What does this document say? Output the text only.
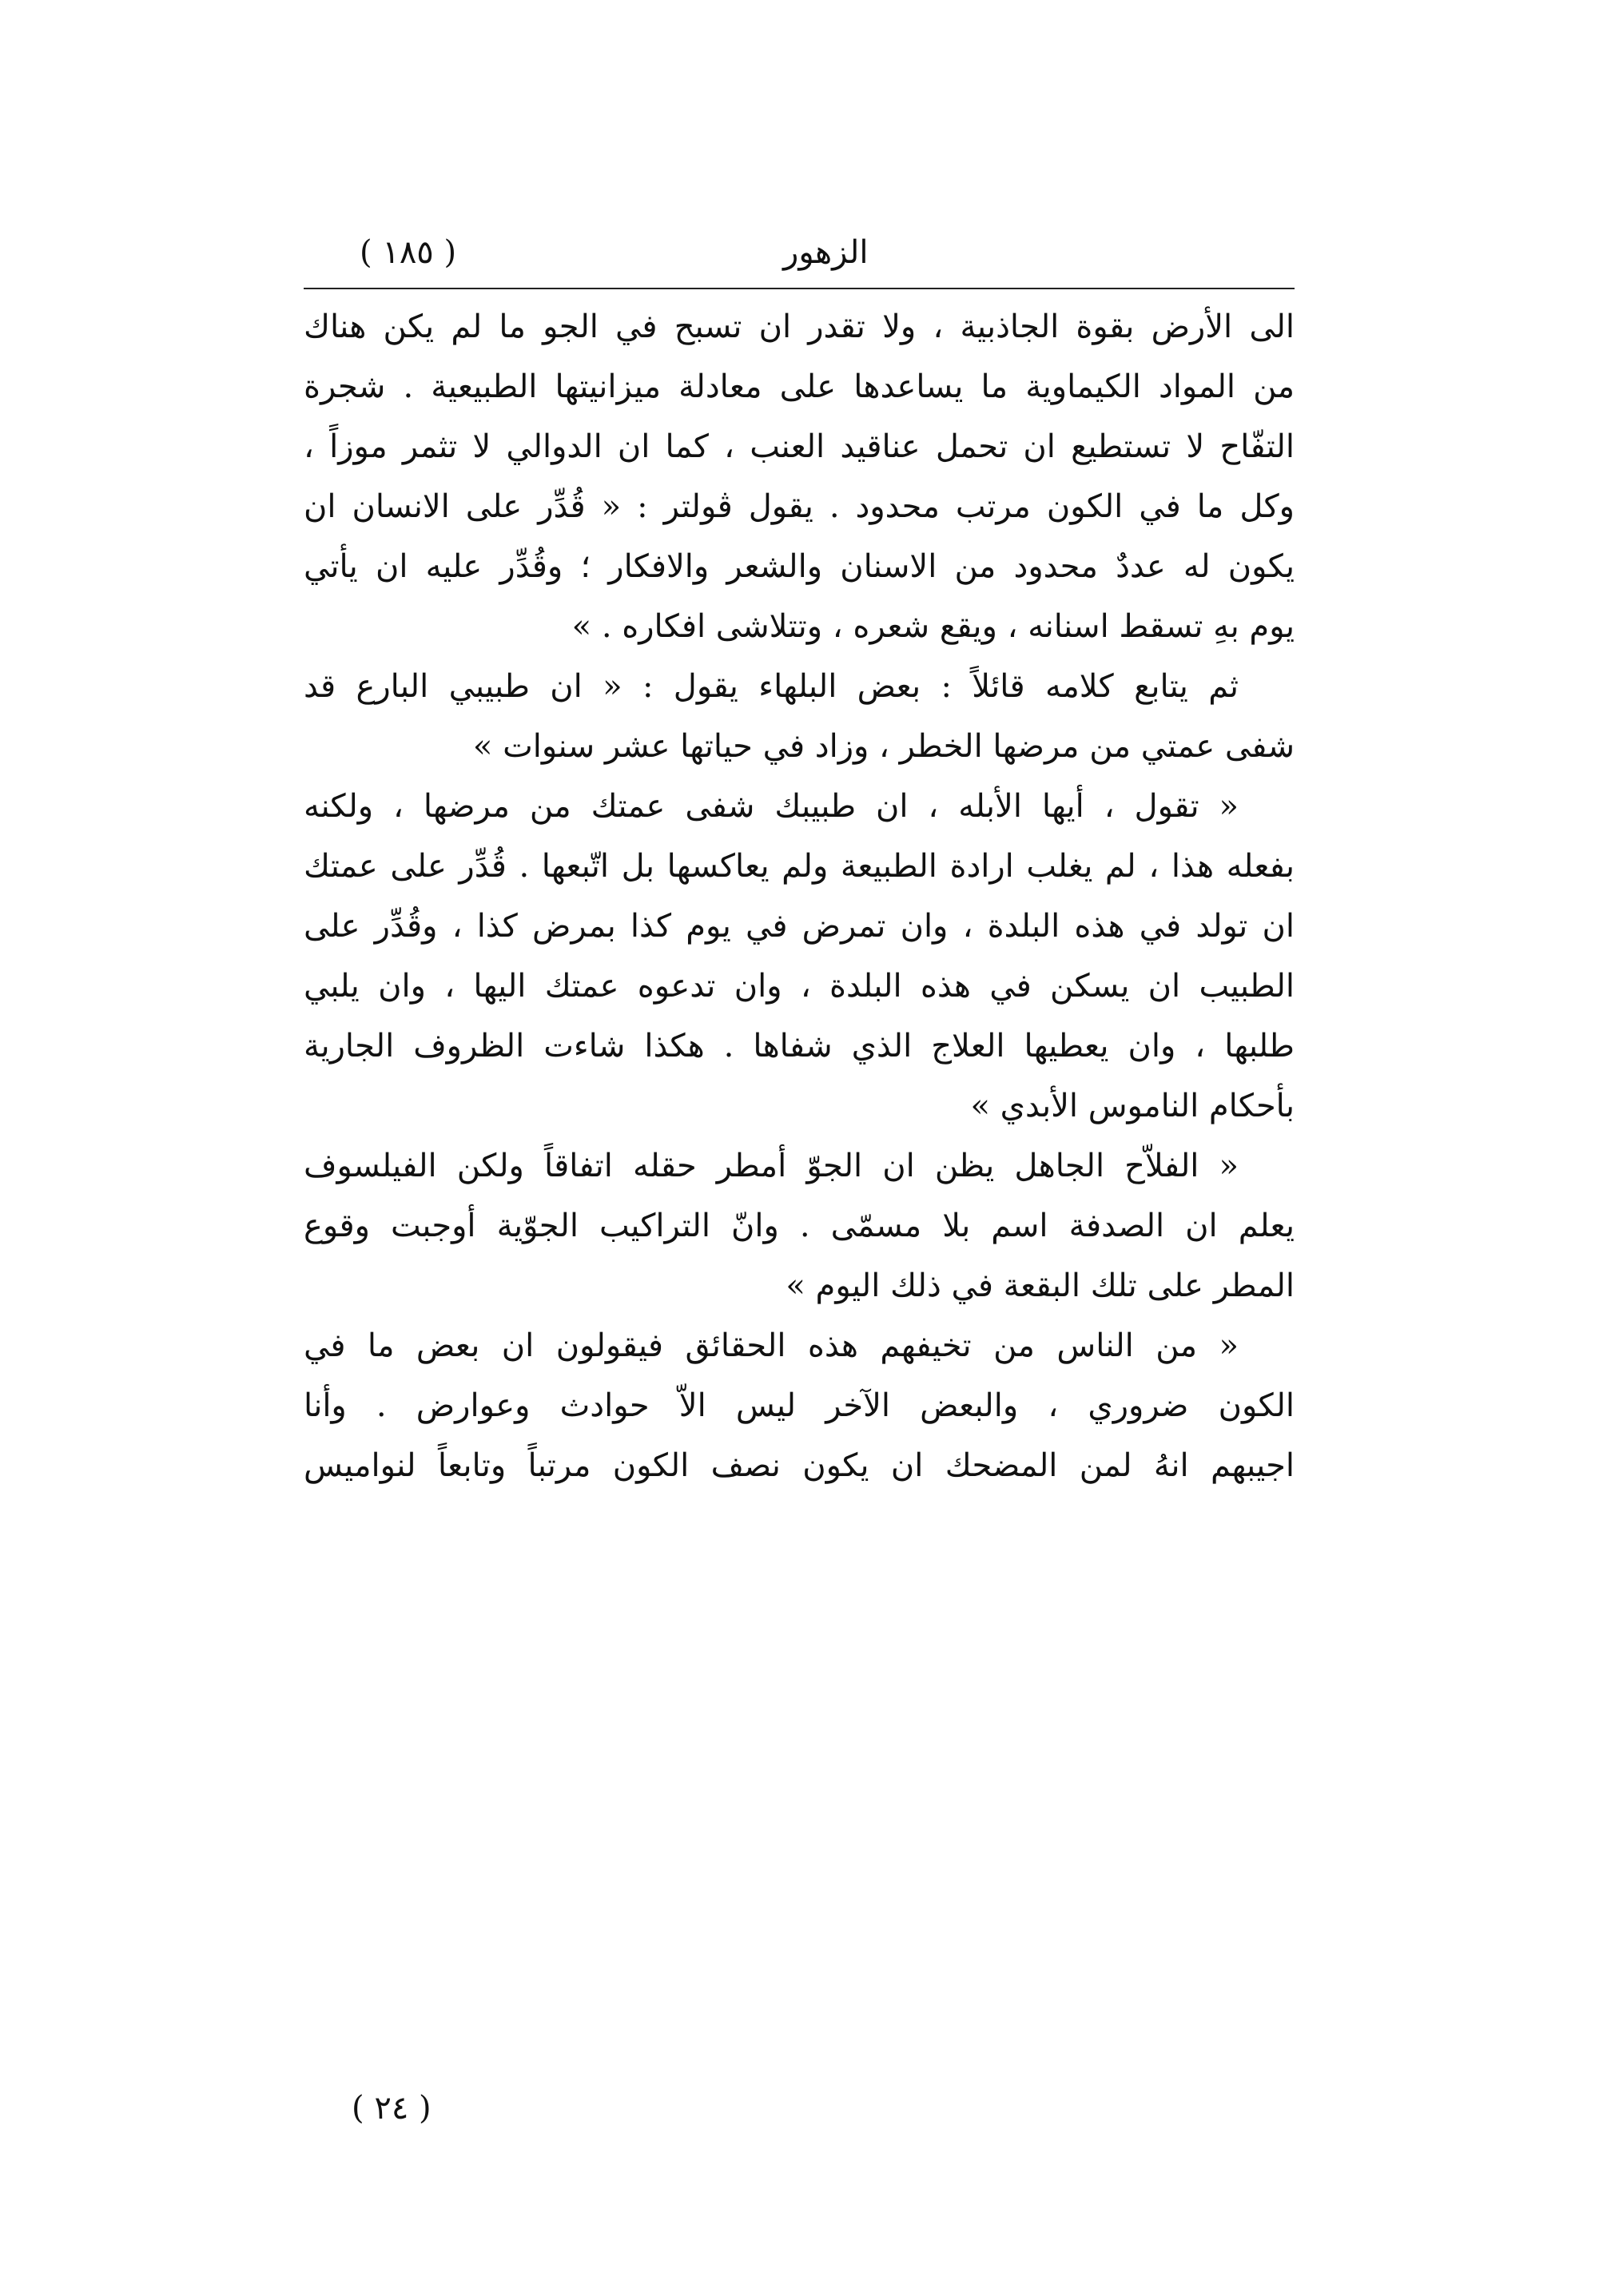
الزهور
( ١٨٥ )
الى الأرض بقوة الجاذبية ، ولا تقدر ان تسبح في الجو ما لم يكن هناك
من المواد الكيماوية ما يساعدها على معادلة ميزانيتها الطبيعية . شجرة
التفّاح لا تستطيع ان تحمل عناقيد العنب ، كما ان الدوالي لا تثمر موزاً ،
وكل ما في الكون مرتب محدود . يقول ڤولتر : « قُدِّر على الانسان ان
يكون له عددٌ محدود من الاسنان والشعر والافكار ؛ وقُدِّر عليه ان يأتي
يوم بهِ تسقط اسنانه ، ويقع شعره ، وتتلاشى افكاره . »
ثم يتابع كلامه قائلاً : بعض البلهاء يقول : « ان طبيبي البارع قد
شفى عمتي من مرضها الخطر ، وزاد في حياتها عشر سنوات »
« تقول ، أيها الأبله ، ان طبيبك شفى عمتك من مرضها ، ولكنه
بفعله هذا ، لم يغلب ارادة الطبيعة ولم يعاكسها بل اتّبعها . قُدِّر على عمتك
ان تولد في هذه البلدة ، وان تمرض في يوم كذا بمرض كذا ، وقُدِّر على
الطبيب ان يسكن في هذه البلدة ، وان تدعوه عمتك اليها ، وان يلبي
طلبها ، وان يعطيها العلاج الذي شفاها . هكذا شاءت الظروف الجارية
بأحكام الناموس الأبدي »
« الفلاّح الجاهل يظن ان الجوّ أمطر حقله اتفاقاً ولكن الفيلسوف
يعلم ان الصدفة اسم بلا مسمّى . وانّ التراكيب الجوّية أوجبت وقوع
المطر على تلك البقعة في ذلك اليوم »
« من الناس من تخيفهم هذه الحقائق فيقولون ان بعض ما في
الكون ضروري ، والبعض الآخر ليس الاّ حوادث وعوارض . وأنا
اجيبهم انهُ لمن المضحك ان يكون نصف الكون مرتباً وتابعاً لنواميس
( ٢٤ )
